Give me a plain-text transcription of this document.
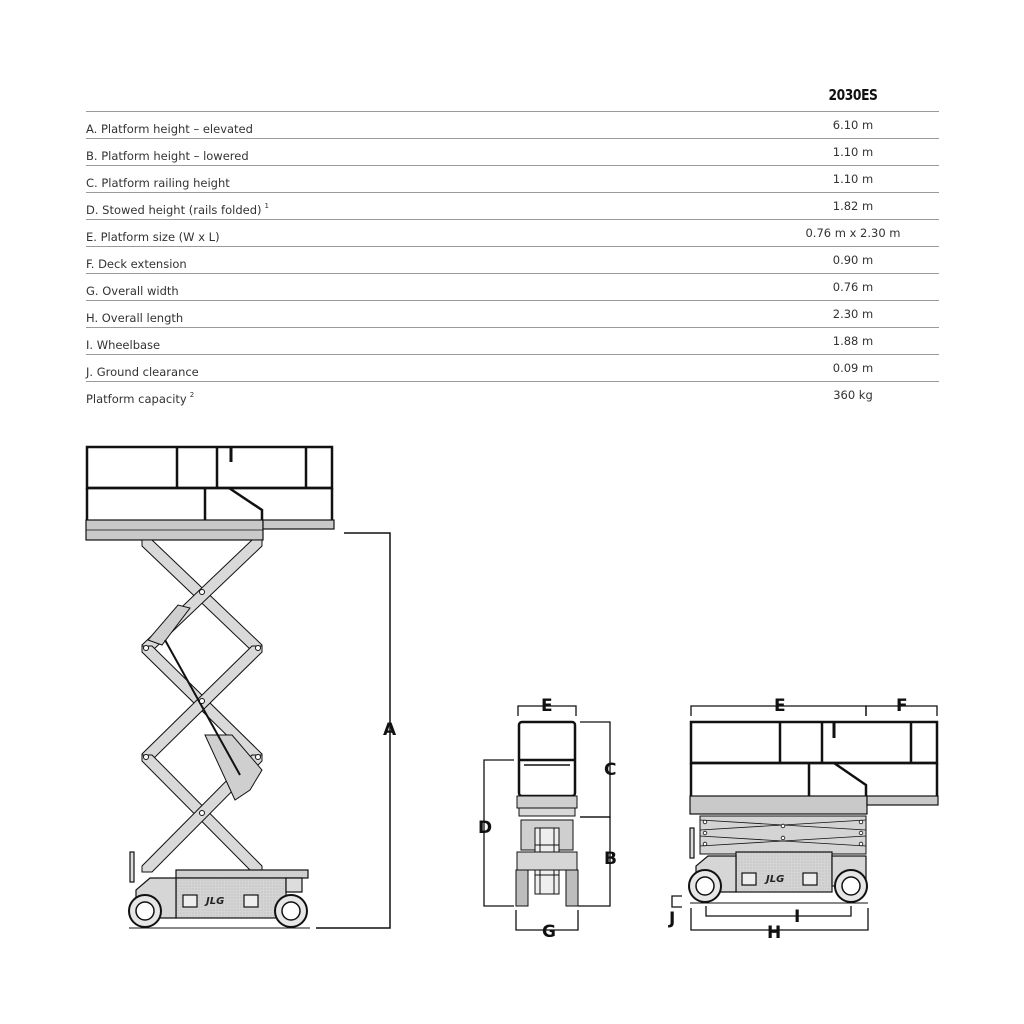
2030ES
A. Platform height – elevated	6.10 m
B. Platform height – lowered	1.10 m
C. Platform railing height	1.10 m
D. Stowed height (rails folded) $^1$	1.82 m
E. Platform size (W x L)	0.76 m x 2.30 m
F. Deck extension	0.90 m
G. Overall width	0.76 m
H. Overall length	2.30 m
I. Wheelbase	1.88 m
J. Ground clearance	0.09 m
Platform capacity $^2$	360 kg
A
JLG
E
C
B
D
G
E	F
J	I
H
JLG
